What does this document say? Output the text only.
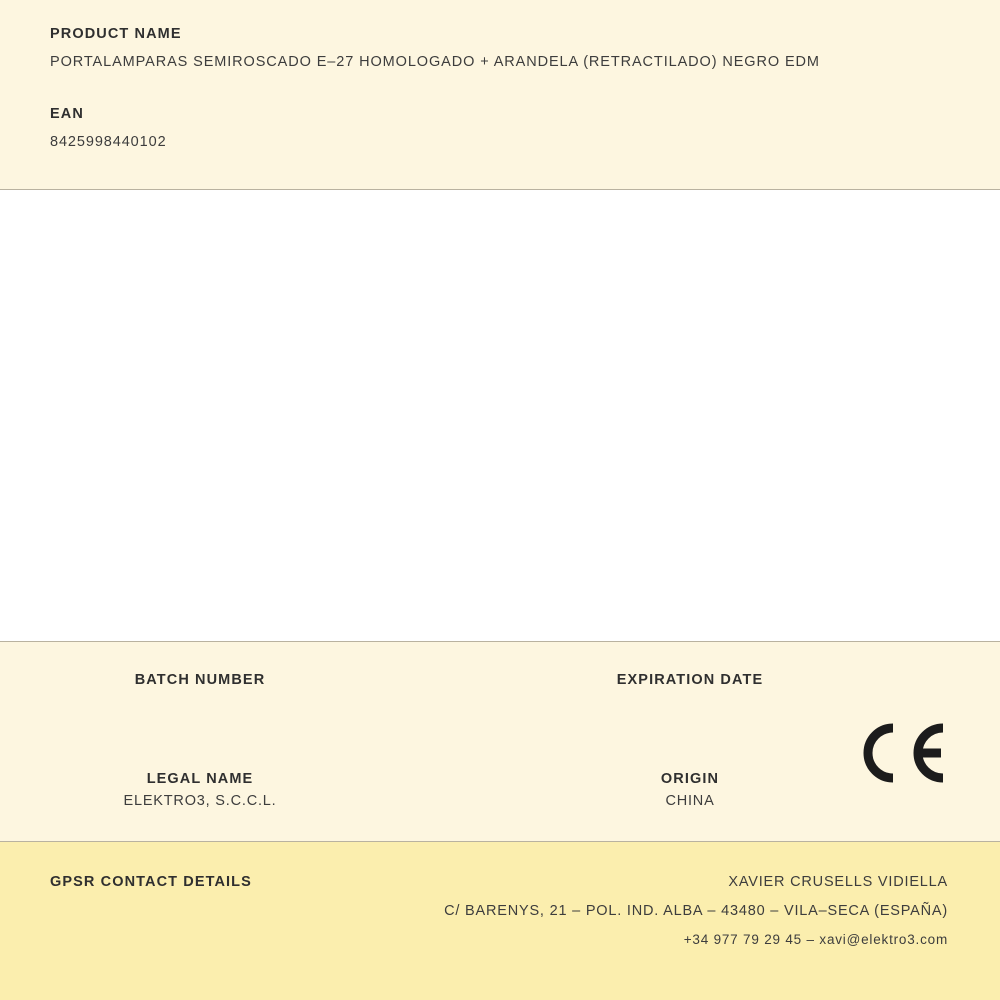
PRODUCT NAME

PORTALAMPARAS SEMIROSCADO E–27 HOMOLOGADO + ARANDELA (RETRACTILADO) NEGRO EDM

EAN

8425998440102

BATCH NUMBER	EXPIRATION DATE

LEGAL NAME

ELEKTRO3, S.C.C.L.

ORIGIN

CHINA

GPSR CONTACT DETAILS	XAVIER CRUSELLS VIDIELLA

C/ BARENYS, 21 – POL. IND. ALBA – 43480 – VILA–SECA (ESPAÑA)

+34 977 79 29 45 – xavi@elektro3.com
